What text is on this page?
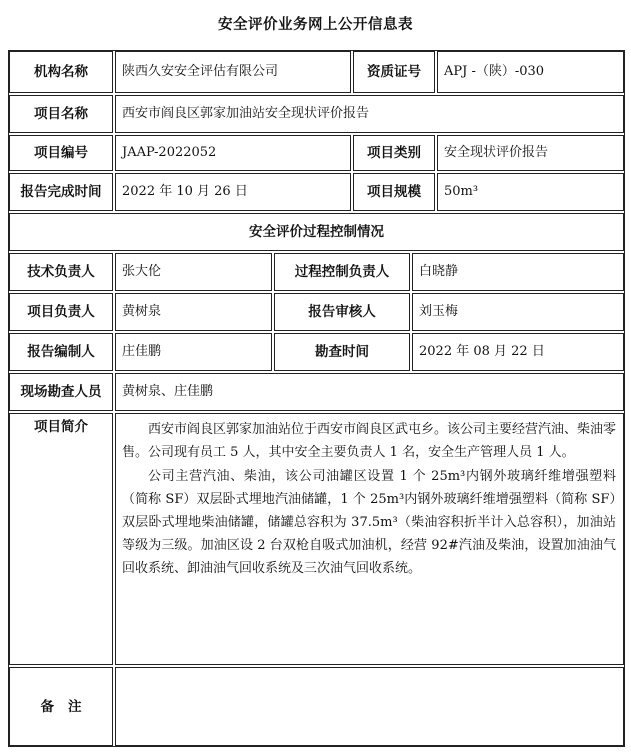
安全评价业务网上公开信息表
机构名称	陕西久安安全评估有限公司	资质证号	APJ -（陕）-030
项目名称	西安市阎良区郭家加油站安全现状评价报告
项目编号	JAAP-2022052	项目类别	安全现状评价报告
报告完成时间	2022 年 10 月 26 日	项目规模	50m³
安全评价过程控制情况
技术负责人	张大伦	过程控制负责人	白晓静
项目负责人	黄树泉	报告审核人	刘玉梅
报告编制人	庄佳鹏	勘查时间	2022 年 08 月 22 日
现场勘查人员	黄树泉、庄佳鹏
项目简介	西安市阎良区郭家加油站位于西安市阎良区武屯乡。该公司主要经营汽油、柴油零售。公司现有员工 5 人，其中安全主要负责人 1 名，安全生产管理人员 1 人。

公司主营汽油、柴油，该公司油罐区设置 1 个 25m³内钢外玻璃纤维增强塑料（简称 SF）双层卧式埋地汽油储罐，1 个 25m³内钢外玻璃纤维增强塑料（简称 SF）双层卧式埋地柴油储罐，储罐总容积为 37.5m³（柴油容积折半计入总容积），加油站等级为三级。加油区设 2 台双枪自吸式加油机，经营 92#汽油及柴油，设置加油油气回收系统、卸油油气回收系统及三次油气回收系统。

备注
